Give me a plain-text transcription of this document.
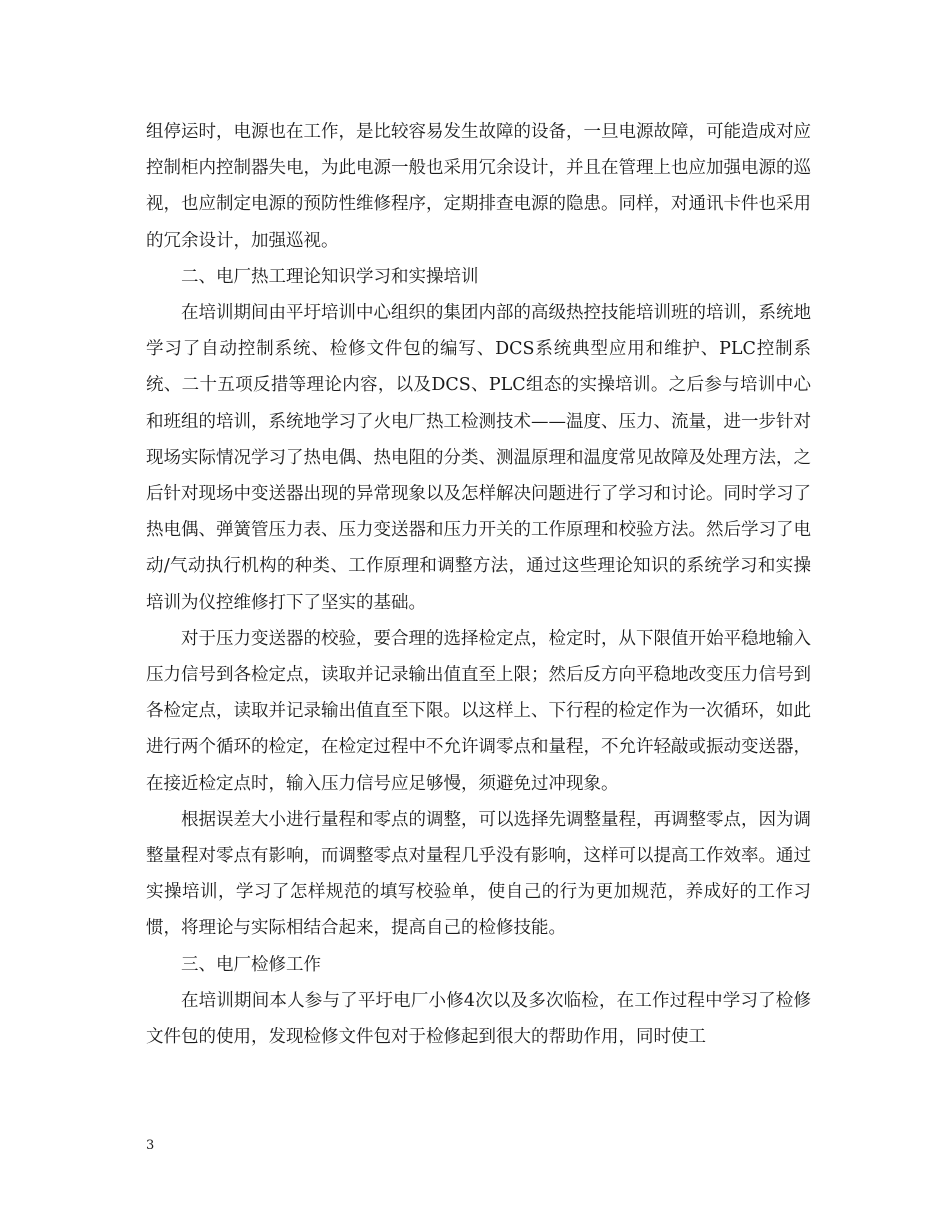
组停运时，电源也在工作，是比较容易发生故障的设备，一旦电源故障，可能造成对应控制柜内控制器失电，为此电源一般也采用冗余设计，并且在管理上也应加强电源的巡视，也应制定电源的预防性维修程序，定期排查电源的隐患。同样，对通讯卡件也采用的冗余设计，加强巡视。

二、电厂热工理论知识学习和实操培训

在培训期间由平圩培训中心组织的集团内部的高级热控技能培训班的培训，系统地学习了自动控制系统、检修文件包的编写、DCS系统典型应用和维护、PLC控制系统、二十五项反措等理论内容，以及DCS、PLC组态的实操培训。之后参与培训中心和班组的培训，系统地学习了火电厂热工检测技术——温度、压力、流量，进一步针对现场实际情况学习了热电偶、热电阻的分类、测温原理和温度常见故障及处理方法，之后针对现场中变送器出现的异常现象以及怎样解决问题进行了学习和讨论。同时学习了热电偶、弹簧管压力表、压力变送器和压力开关的工作原理和校验方法。然后学习了电动/气动执行机构的种类、工作原理和调整方法，通过这些理论知识的系统学习和实操培训为仪控维修打下了坚实的基础。

对于压力变送器的校验，要合理的选择检定点，检定时，从下限值开始平稳地输入压力信号到各检定点，读取并记录输出值直至上限；然后反方向平稳地改变压力信号到各检定点，读取并记录输出值直至下限。以这样上、下行程的检定作为一次循环，如此进行两个循环的检定，在检定过程中不允许调零点和量程，不允许轻敲或振动变送器，在接近检定点时，输入压力信号应足够慢，须避免过冲现象。

根据误差大小进行量程和零点的调整，可以选择先调整量程，再调整零点，因为调整量程对零点有影响，而调整零点对量程几乎没有影响，这样可以提高工作效率。通过实操培训，学习了怎样规范的填写校验单，使自己的行为更加规范，养成好的工作习惯，将理论与实际相结合起来，提高自己的检修技能。

三、电厂检修工作

在培训期间本人参与了平圩电厂小修4次以及多次临检，在工作过程中学习了检修文件包的使用，发现检修文件包对于检修起到很大的帮助作用，同时使工

3
